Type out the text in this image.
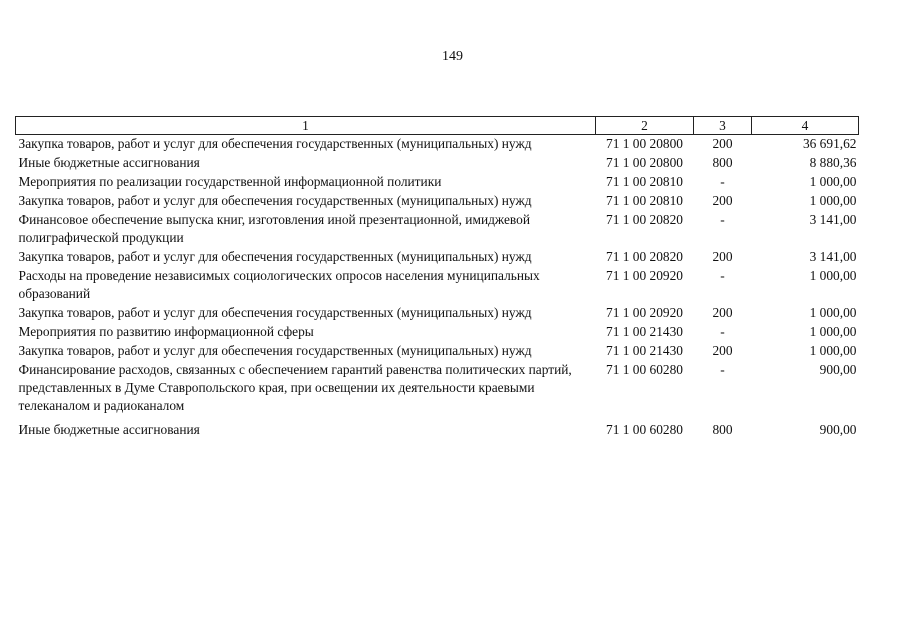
149
1	2	3	4
Закупка товаров, работ и услуг для обеспечения государственных (муниципальных) нужд	71 1 00 20800	200	36 691,62
Иные бюджетные ассигнования	71 1 00 20800	800	8 880,36
Мероприятия по реализации государственной информационной политики	71 1 00 20810	-	1 000,00
Закупка товаров, работ и услуг для обеспечения государственных (муниципальных) нужд	71 1 00 20810	200	1 000,00
Финансовое обеспечение выпуска книг, изготовления иной презентационной, имиджевой полиграфической продукции	71 1 00 20820	-	3 141,00
Закупка товаров, работ и услуг для обеспечения государственных (муниципальных) нужд	71 1 00 20820	200	3 141,00
Расходы на проведение независимых социологических опросов населения муниципальных образований	71 1 00 20920	-	1 000,00
Закупка товаров, работ и услуг для обеспечения государственных (муниципальных) нужд	71 1 00 20920	200	1 000,00
Мероприятия по развитию информационной сферы	71 1 00 21430	-	1 000,00
Закупка товаров, работ и услуг для обеспечения государственных (муниципальных) нужд	71 1 00 21430	200	1 000,00
Финансирование расходов, связанных с обеспечением гарантий равенства политических партий, представленных в Думе Ставропольского края, при освещении их деятельности краевыми телеканалом и радиоканалом	71 1 00 60280	-	900,00
Иные бюджетные ассигнования	71 1 00 60280	800	900,00
